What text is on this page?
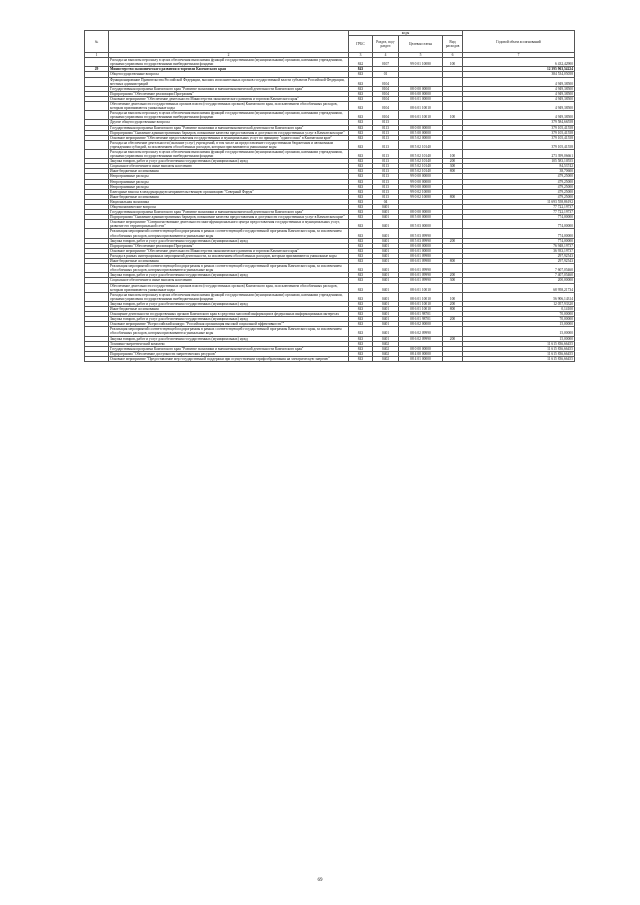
№		коды				Годовой объем ассигнований
		ГРБС	Раздел, под-раздел	Целевая статья	Вид расходов	
1	2	3	4	5	6	7
	Расходы на выплаты персоналу в целях обеспечения выполнения функций государственными (муниципальными) органами, казенными учреждениями, органами управления государственными внебюджетными фондами	842	0107	99 0 01 10080	100	6 432,42900
29	Министерство экономического развития и торговли Камчатского края	843				12 395 963,54224
	Общегосударственные вопросы	843	01			384 534,05058
	Функционирование Правительства Российской Федерации, высших исполнительных органов государственной власти субъектов Российской Федерации, местных администраций	843	0104			4 949,38500
	Государственная программа Камчатского края "Развитие экономики и внешнеэкономической деятельности Камчатского края"	843	0104	08 0 00 00000		4 949,38500
	Подпрограмма "Обеспечение реализации Программы"	843	0104	08 6 00 00000		4 949,38500
	Основное мероприятие "Обеспечение деятельности Министерства экономического развития и торговли Камчатского края"	843	0104	08 6 01 00000		4 949,38500
	Обеспечение деятельности государственных органов власти (государственных органов) Камчатского края, за исключением обособленных расходов, которым присваиваются уникальные коды	843	0104	08 6 01 10010		4 949,38500
	Расходы на выплаты персоналу в целях обеспечения выполнения функций государственными (муниципальными) органами, казенными учреждениями, органами управления государственными внебюджетными фондами	843	0104	08 6 01 10010	100	4 949,38500
	Другие общегосударственные вопросы	843	0113			379 584,66558
	Государственная программа Камчатского края "Развитие экономики и внешнеэкономической деятельности Камчатского края"	843	0113	08 0 00 00000		379 105,41558
	Подпрограмма "Снижение административных барьеров, повышение качества предоставления и доступности государственных услуг в Камчатском крае"	843	0113	08 5 00 00000		379 105,41558
	Основное мероприятие "Обеспечение предоставления государственных и муниципальных услуг по принципу "одного окна" в Камчатском крае"	843	0113	08 5 02 00000		379 105,41558
	Расходы на обеспечение деятельности (оказание услуг) учреждений, в том числе на предоставление государственным бюджетным и автономным учреждениям субсидий, за исключением обособленных расходов, которым присваиваются уникальные коды	843	0113	08 5 02 10140		379 105,41558
	Расходы на выплаты персоналу в целях обеспечения выполнения функций государственными (муниципальными) органами, казенными учреждениями, органами управления государственными внебюджетными фондами	843	0113	08 5 02 10140	100	273 399,06661
	Закупка товаров, работ и услуг для обеспечения государственных (муниципальных) нужд	843	0113	08 5 02 10140	200	105 583,10555
	Социальное обеспечение и иные выплаты населению	843	0113	08 5 02 10140	300	84,53742
	Иные бюджетные ассигнования	843	0113	08 5 02 10140	800	38,70600
	Непрограммные расходы	843	0113	99 0 00 00000		479,25000
	Непрограммные расходы	843	0113	99 0 00 00000		479,25000
	Непрограммные расходы	843	0113	99 0 00 00000		479,25000
	Ежегодные взносы в международную неправительственную организацию "Северный Форум"	843	0113	99 0 02 10080		479,25000
	Иные бюджетные ассигнования	843	0113	99 0 02 10080	800	479,25000
	Национальная экономика	843	04			11 693 558,86192
	Общеэкономические вопросы	843	0401			77 722,19737
	Государственная программа Камчатского края "Развитие экономики и внешнеэкономической деятельности Камчатского края"	843	0401	08 0 00 00000		77 722,19737
	Подпрограмма "Снижение административных барьеров, повышение качества предоставления и доступности государственных услуг в Камчатском крае"	843	0401	08 5 00 00000		774,00000
	Основное мероприятие "Совершенствование деятельности многофункционального центра предоставления государственных и муниципальных услуг, развитие его территориальной сети"	843	0401	08 5 03 00000		774,00000
	Реализация мероприятий соответствующей подпрограммы в рамках соответствующей государственной программы Камчатского края, за исключением обособленных расходов, которым присваиваются уникальные коды	843	0401	08 5 03 09990		774,00000
	Закупка товаров, работ и услуг для обеспечения государственных (муниципальных) нужд	843	0401	08 5 03 09990	200	774,00000
	Подпрограмма "Обеспечение реализации Программы"	843	0401	08 6 00 00000		76 948,19737
	Основное мероприятие "Обеспечение деятельности Министерства экономического развития и торговли Камчатского края"	843	0401	08 6 01 00000		36 933,19737
	Расходы в рамках интеграционных мероприятий деятельности, за исключением обособленных расходов, которым присваиваются уникальные коды	843	0401	08 6 01 09980		297,92543
	Иные бюджетные ассигнования	843	0401	08 6 01 09980	800	297,92543
	Реализация мероприятий соответствующей подпрограммы в рамках соответствующей государственной программы Камчатского края, за исключением обособленных расходов, которым присваиваются уникальные коды	843	0401	08 6 01 09990		7 607,05460
	Закупка товаров, работ и услуг для обеспечения государственных (муниципальных) нужд	843	0401	08 6 01 09990	200	7 407,05460
	Социальное обеспечение и иные выплаты населению	843	0401	08 6 01 09990	300	200,00000
	Обеспечение деятельности государственных органов власти (государственных органов) Камчатского края, за исключением обособленных расходов, которым присваиваются уникальные коды	843	0401	08 6 01 10010		68 958,21734
	Расходы на выплаты персоналу в целях обеспечения выполнения функций государственными (муниципальными) органами, казенными учреждениями, органами управления государственными внебюджетными фондами	843	0401	08 6 01 10010	100	56 906,14314
	Закупка товаров, работ и услуг для обеспечения государственных (муниципальных) нужд	843	0401	08 6 01 10010	200	12 057,93320
	Иные бюджетные ассигнования	843	0401	08 6 01 10010	800	0,14100
	Оснащение деятельности государственных органов Камчатского края в средствах массовой информации в федеральных информационных интересах	843	0401	08 6 01 98701		70,00000
	Закупка товаров, работ и услуг для обеспечения государственных (муниципальных) нужд	843	0401	08 6 01 98701	200	70,00000
	Основное мероприятие "Всероссийский конкурс "Российская организация высокой социальной эффективности""	843	0401	08 6 02 00000		15,00000
	Реализация мероприятий соответствующей подпрограммы в рамках соответствующей государственной программы Камчатского края, за исключением обособленных расходов, которым присваиваются уникальные коды	843	0401	08 6 02 09990		15,00000
	Закупка товаров, работ и услуг для обеспечения государственных (муниципальных) нужд	843	0401	08 6 02 09990	200	15,00000
	Топливно-энергетический комплекс	843	0402			11 615 836,66455
	Государственная программа Камчатского края "Развитие экономики и внешнеэкономической деятельности Камчатского края"	843	0402	08 0 00 00000		11 615 836,66455
	Подпрограмма "Обеспечение доступности энергетических ресурсов"	843	0402	08 4 00 00000		11 615 836,66455
	Основное мероприятие "Предоставление мер государственной поддержки при осуществлении тарифообразования на электрическую энергию"	843	0402	08 4 01 00000		11 615 836,66455
69
